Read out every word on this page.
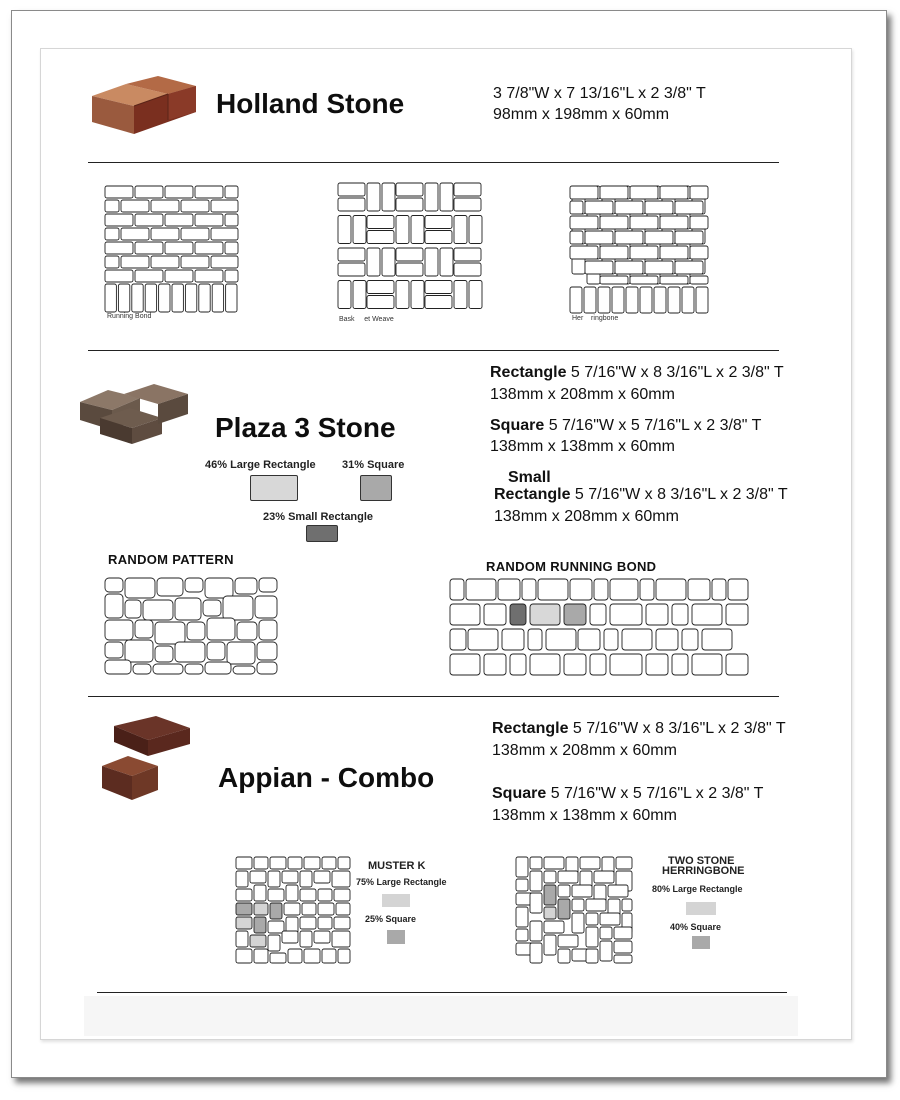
Holland Stone	3 7/8"W x 7 13/16"L x 2 3/8" T
98mm x 198mm x 60mm
Running Bond	Bask     et Weave	Her    ringbone
Plaza 3 Stone
46% Large Rectangle 31% Square
23% Small Rectangle
Rectangle 5 7/16"W x 8 3/16"L x 2 3/8" T
138mm x 208mm x 60mm
Square 5 7/16"W x 5 7/16"L x 2 3/8" T
138mm x 138mm x 60mm
Small
Rectangle 5 7/16"W x 8 3/16"L x 2 3/8" T
138mm x 208mm x 60mm
RANDOM PATTERN	RANDOM RUNNING BOND
Appian - Combo
Rectangle 5 7/16"W x 8 3/16"L x 2 3/8" T
138mm x 208mm x 60mm
Square 5 7/16"W x 5 7/16"L x 2 3/8" T
138mm x 138mm x 60mm
MUSTER K
75% Large Rectangle
25% Square
TWO STONE
HERRINGBONE
80% Large Rectangle
40% Square
